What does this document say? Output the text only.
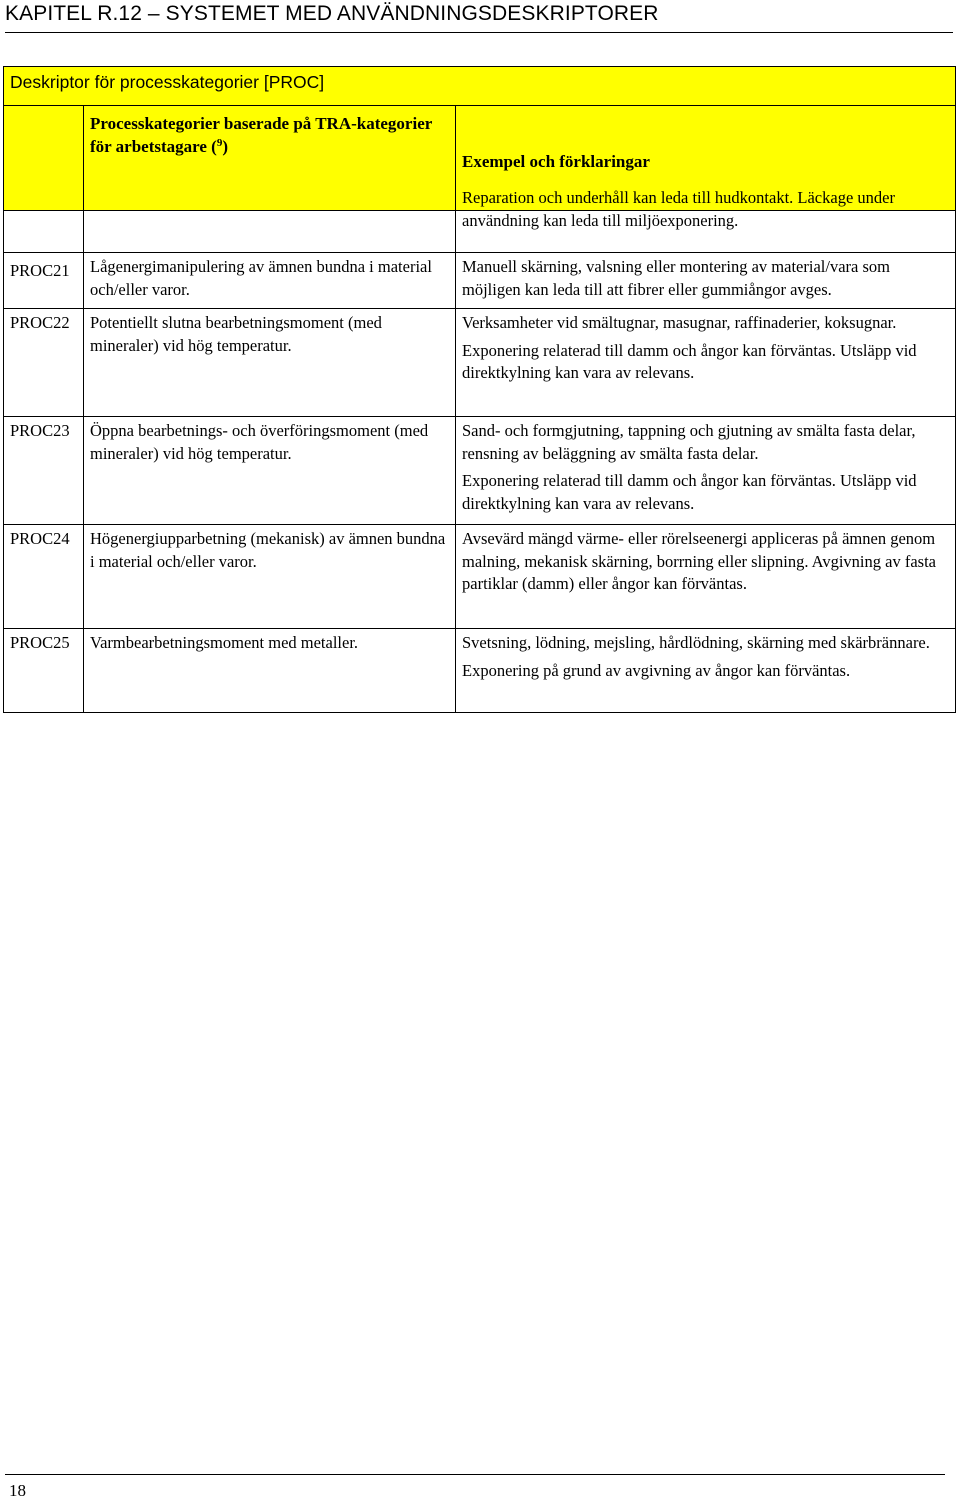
KAPITEL R.12 – SYSTEMET MED ANVÄNDNINGSDESKRIPTORER
Deskriptor för processkategorier [PROC]		
	Processkategorier baserade på TRA-kategorier för arbetstagare ($^9$)	Exempel och förklaringar

		Reparation och underhåll kan leda till hudkontakt. Läckage under användning kan leda till miljöexponering.

PROC21	Lågenergimanipulering av ämnen bundna i material och/eller varor.	Manuell skärning, valsning eller montering av material/vara som möjligen kan leda till att fibrer eller gummiångor avges.

PROC22	Potentiellt slutna bearbetningsmoment (med mineraler) vid hög temperatur.	Verksamheter vid smältugnar, masugnar, raffinaderier, koksugnar.

Exponering relaterad till damm och ångor kan förväntas. Utsläpp vid direktkylning kan vara av relevans.

PROC23	Öppna bearbetnings- och överföringsmoment (med mineraler) vid hög temperatur.	Sand- och formgjutning, tappning och gjutning av smälta fasta delar, rensning av beläggning av smälta fasta delar.

Exponering relaterad till damm och ångor kan förväntas. Utsläpp vid direktkylning kan vara av relevans.

PROC24	Högenergiupparbetning (mekanisk) av ämnen bundna i material och/eller varor.	Avsevärd mängd värme- eller rörelseenergi appliceras på ämnen genom malning, mekanisk skärning, borrning eller slipning. Avgivning av fasta partiklar (damm) eller ångor kan förväntas.

PROC25	Varmbearbetningsmoment med metaller.	Svetsning, lödning, mejsling, hårdlödning, skärning med skärbrännare.

Exponering på grund av avgivning av ångor kan förväntas.

18
